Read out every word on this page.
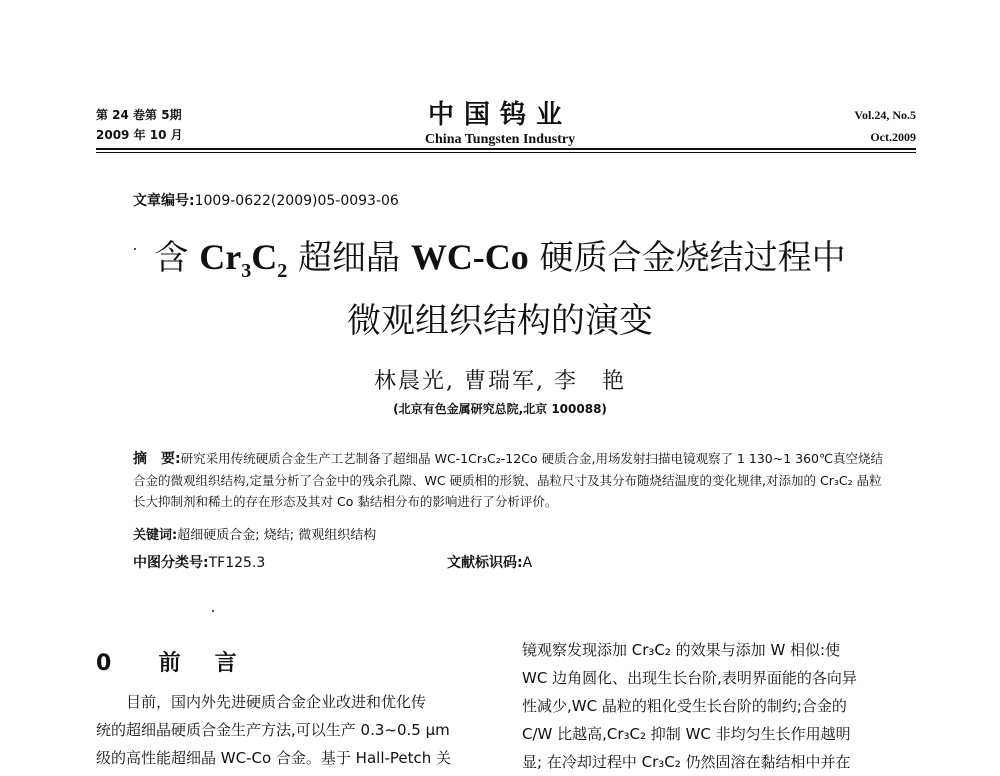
第 24 卷第 5期
2009 年 10 月
中国钨业
China Tungsten Industry
Vol.24, No.5
Oct.2009
文章编号:1009-0622(2009)05-0093-06
含 $Cr_3C_2$ 超细晶 WC-Co 硬质合金烧结过程中
微观组织结构的演变
林晨光, 曹瑞军, 李　艳
(北京有色金属研究总院,北京 100088)
摘　要:研究采用传统硬质合金生产工艺制备了超细晶 WC-1Cr₃C₂-12Co 硬质合金,用场发射扫描电镜观察了 1 130~1 360℃真空烧结合金的微观组织结构,定量分析了合金中的残余孔隙、WC 硬质相的形貌、晶粒尺寸及其分布随烧结温度的变化规律,对添加的 Cr₃C₂ 晶粒长大抑制剂和稀土的存在形态及其对 Co 黏结相分布的影响进行了分析评价。
关键词:超细硬质合金; 烧结; 微观组织结构
中图分类号:TF125.3	文献标识码:A
0 前　言
目前，国内外先进硬质合金企业改进和优化传
统的超细晶硬质合金生产方法,可以生产 0.3~0.5 μm
级的高性能超细晶 WC-Co 合金。基于 Hall-Petch 关
镜观察发现添加 Cr₃C₂ 的效果与添加 W 相似:使
WC 边角圆化、出现生长台阶,表明界面能的各向异
性减少,WC 晶粒的粗化受生长台阶的制约;合金的
C/W 比越高,Cr₃C₂ 抑制 WC 非均匀生长作用越明
显; 在冷却过程中 Cr₃C₂ 仍然固溶在黏结相中并在
